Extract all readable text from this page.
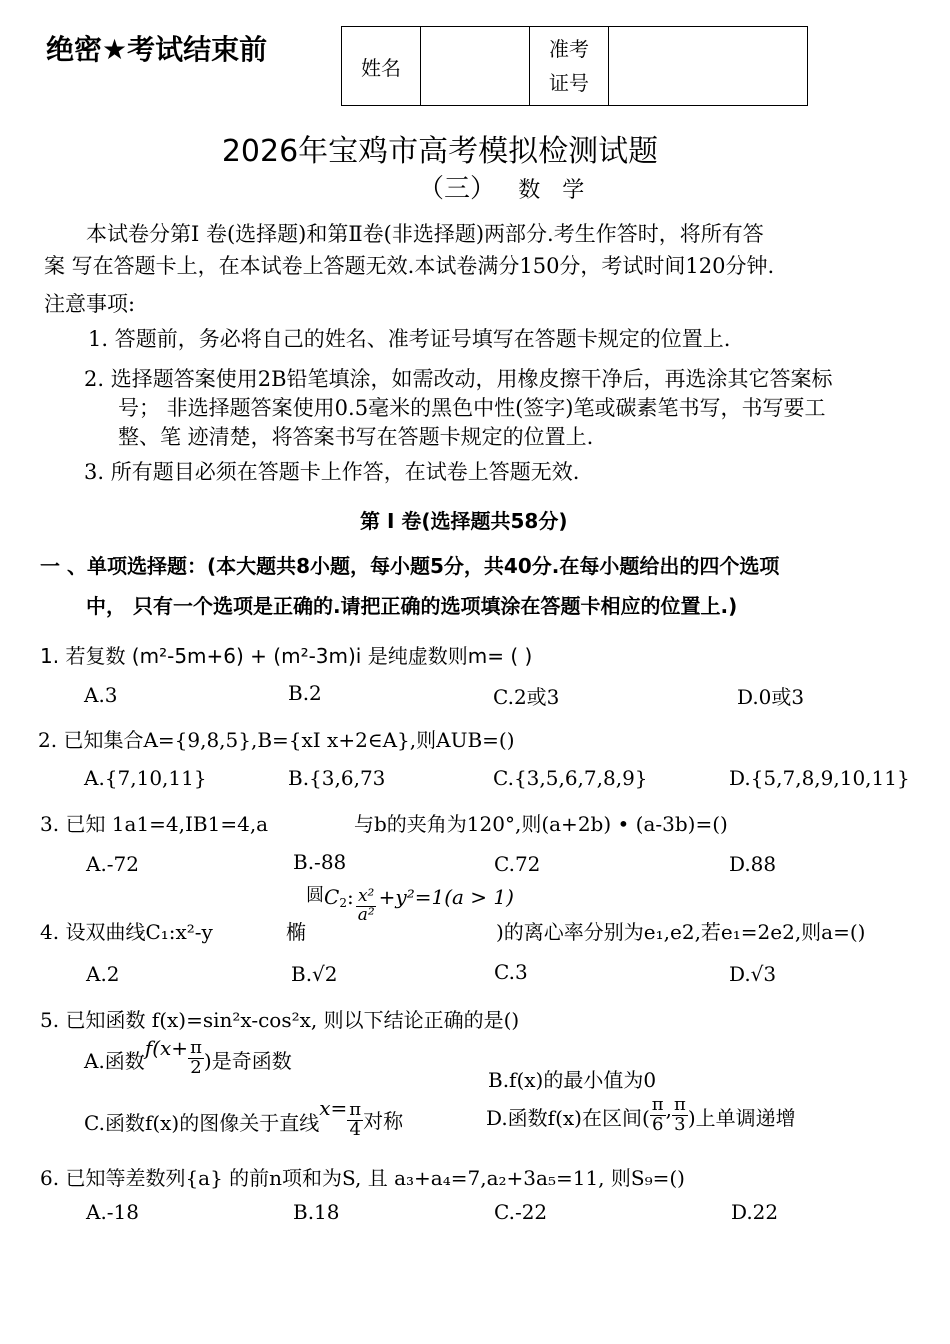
绝密★考试结束前
姓名		准考
证号	
2026年宝鸡市高考模拟检测试题
（三） 数　学
本试卷分第Ⅰ 卷(选择题)和第Ⅱ卷(非选择题)两部分.考生作答时，将所有答
案 写在答题卡上，在本试卷上答题无效.本试卷满分150分，考试时间120分钟.
注意事项:
1. 答题前，务必将自己的姓名、准考证号填写在答题卡规定的位置上.
2. 选择题答案使用2B铅笔填涂，如需改动，用橡皮擦干净后，再选涂其它答案标
号； 非选择题答案使用0.5毫米的黑色中性(签字)笔或碳素笔书写，书写要工
整、笔 迹清楚，将答案书写在答题卡规定的位置上.
3. 所有题目必须在答题卡上作答，在试卷上答题无效.
第 Ⅰ 卷(选择题共58分)
一 、单项选择题：(本大题共8小题，每小题5分，共40分.在每小题给出的四个选项
中， 只有一个选项是正确的.请把正确的选项填涂在答题卡相应的位置上.)
1. 若复数 (m²-5m+6) + (m²-3m)i 是纯虚数则m= ( )
A.3	B.2	C.2或3	D.0或3
2. 已知集合A={9,8,5},B={xI x+2∈A},则AUB=()
A.{7,10,11}	B.{3,6,73	C.{3,5,6,7,8,9}	D.{5,7,8,9,10,11}
3. 已知 1a1=4,IB1=4,a	与b的夹角为120°,则(a+2b) • (a-3b)=()
A.-72	B.-88	C.72	D.88
4. 设双曲线C₁:x²-y	椭
圆 C 2 : $\frac{\text{x²}}{\text{a²}} +y^2=1(a > 1)$
)的离心率分别为e₁,e2,若e₁=2e2,则a=()
A.2	B.√2	C.3	D.√3
5. 已知函数 f(x)=sin²x-cos²x, 则以下结论正确的是()
A.函数
$f(x+ \frac{\pi}{2}$ )是奇函数
B.f(x)的最小值为0
C.函数f(x)的图像关于直线
$x= \frac{\pi}{4}$ 对称	D.函数f(x)在区间( $\frac{\pi}{6}$ , $\frac{\pi}{3}$ )上单调递增
6. 已知等差数列{a} 的前n项和为S, 且 a₃+a₄=7,a₂+3a₅=11, 则S₉=()
A.-18	B.18	C.-22	D.22
